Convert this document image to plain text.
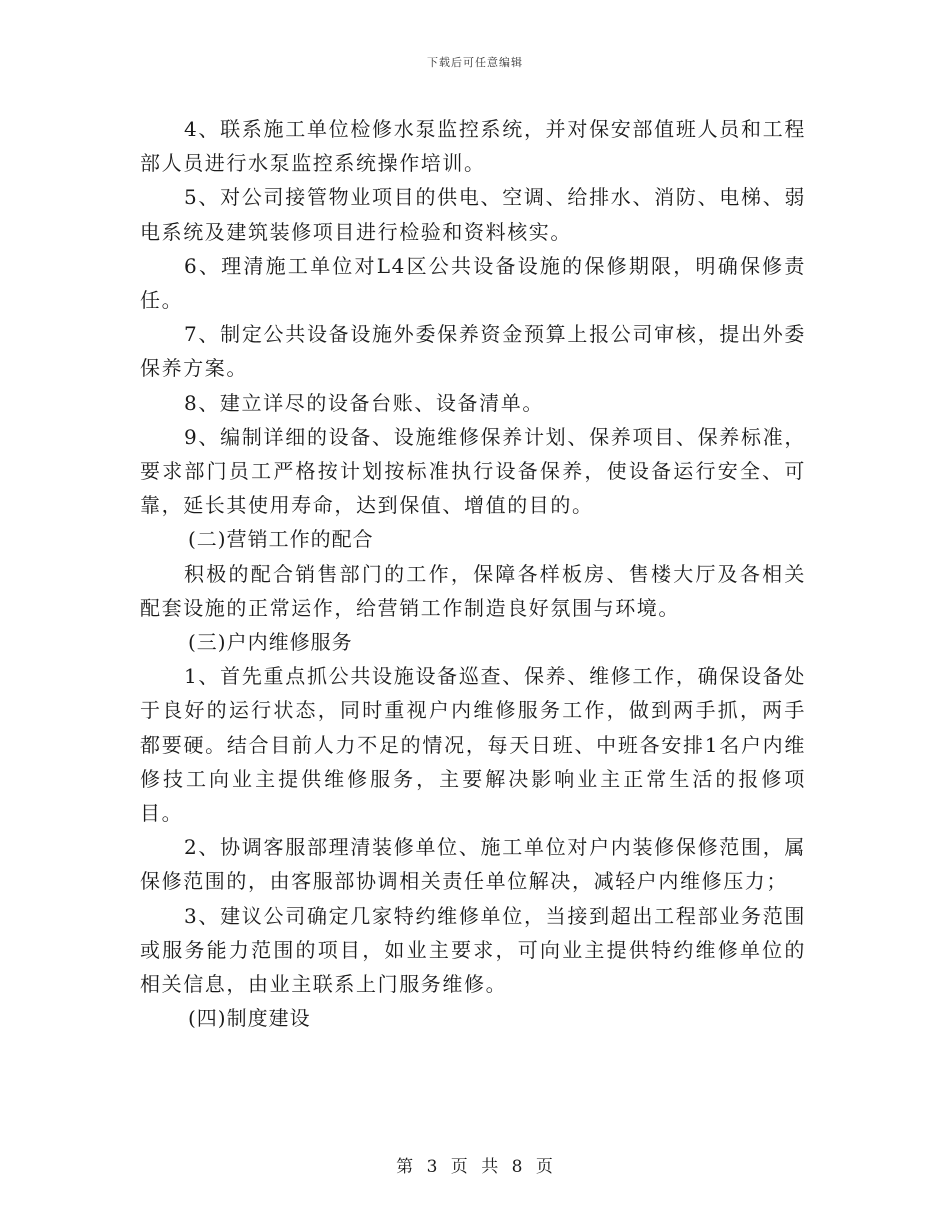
下载后可任意编辑

4、联系施工单位检修水泵监控系统，并对保安部值班人员和工程部人员进行水泵监控系统操作培训。

5、对公司接管物业项目的供电、空调、给排水、消防、电梯、弱电系统及建筑装修项目进行检验和资料核实。

6、理清施工单位对L4区公共设备设施的保修期限，明确保修责任。

7、制定公共设备设施外委保养资金预算上报公司审核，提出外委保养方案。

8、建立详尽的设备台账、设备清单。

9、编制详细的设备、设施维修保养计划、保养项目、保养标准，要求部门员工严格按计划按标准执行设备保养，使设备运行安全、可靠，延长其使用寿命，达到保值、增值的目的。

(二)营销工作的配合

积极的配合销售部门的工作，保障各样板房、售楼大厅及各相关配套设施的正常运作，给营销工作制造良好氛围与环境。

(三)户内维修服务

1、首先重点抓公共设施设备巡查、保养、维修工作，确保设备处于良好的运行状态，同时重视户内维修服务工作，做到两手抓，两手都要硬。结合目前人力不足的情况，每天日班、中班各安排1名户内维修技工向业主提供维修服务，主要解决影响业主正常生活的报修项目。

2、协调客服部理清装修单位、施工单位对户内装修保修范围，属保修范围的，由客服部协调相关责任单位解决，减轻户内维修压力；

3、建议公司确定几家特约维修单位，当接到超出工程部业务范围或服务能力范围的项目，如业主要求，可向业主提供特约维修单位的相关信息，由业主联系上门服务维修。

(四)制度建设

第 3 页 共 8 页
